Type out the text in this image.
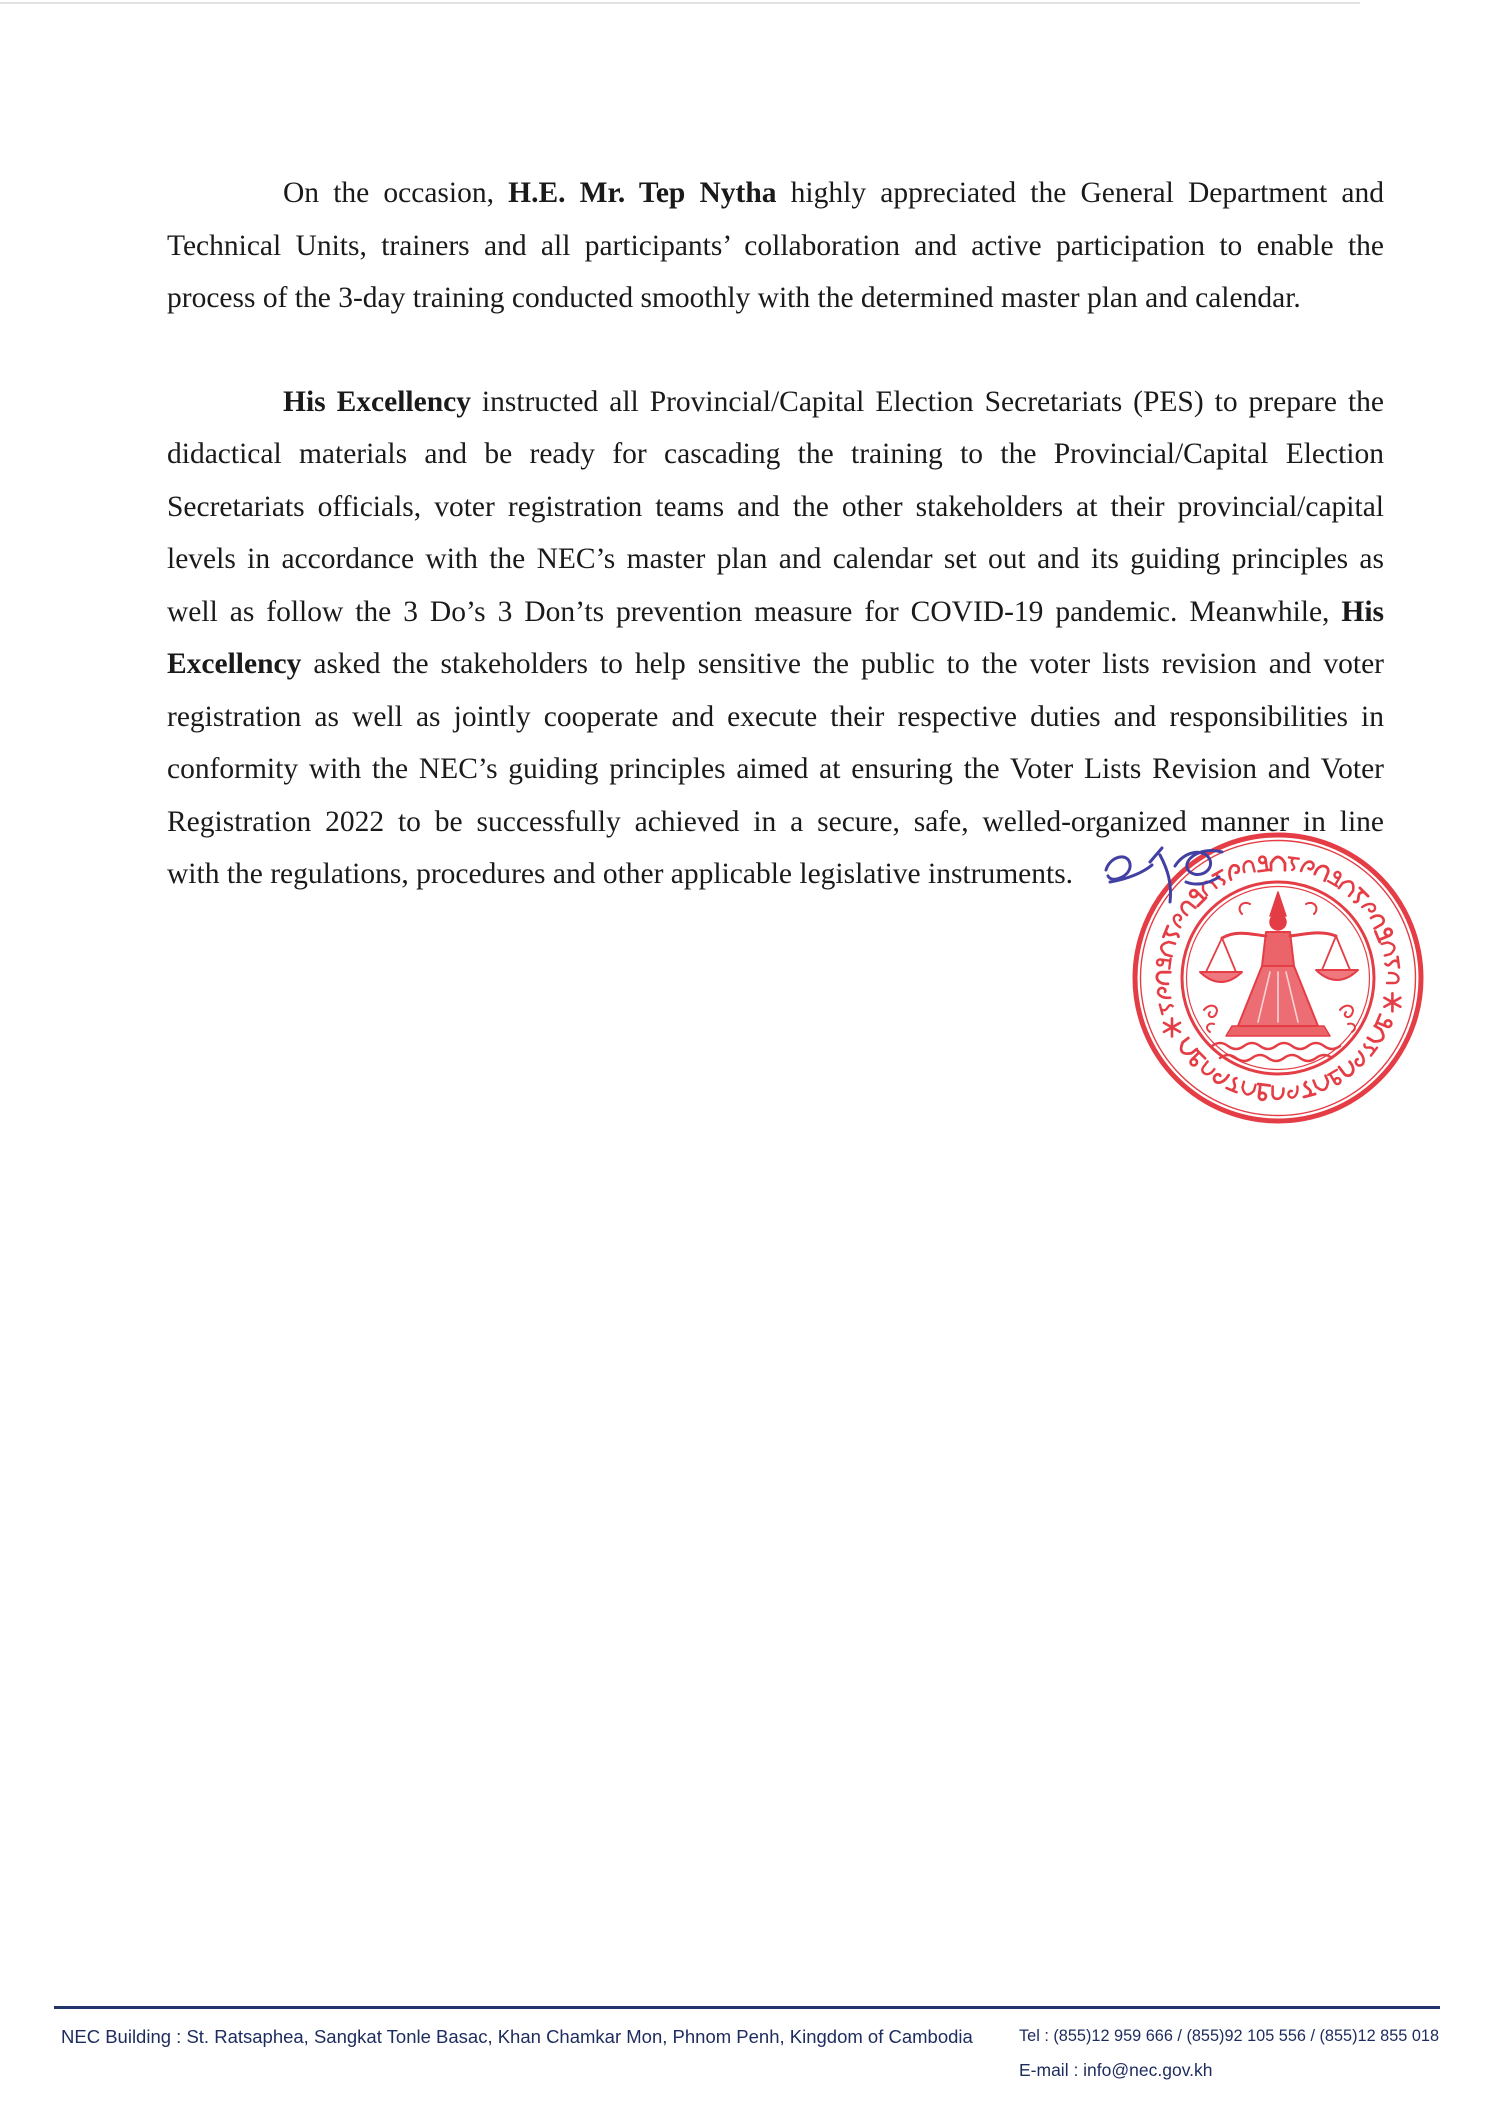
On the occasion, H.E. Mr. Tep Nytha highly appreciated the General Department and
Technical Units, trainers and all participants’ collaboration and active participation to enable the
process of the 3-day training conducted smoothly with the determined master plan and calendar.
His Excellency instructed all Provincial/Capital Election Secretariats (PES) to prepare the
didactical materials and be ready for cascading the training to the Provincial/Capital Election
Secretariats officials, voter registration teams and the other stakeholders at their provincial/capital
levels in accordance with the NEC’s master plan and calendar set out and its guiding principles as
well as follow the 3 Do’s 3 Don’ts prevention measure for COVID-19 pandemic. Meanwhile, His
Excellency asked the stakeholders to help sensitive the public to the voter lists revision and voter
registration as well as jointly cooperate and execute their respective duties and responsibilities in
conformity with the NEC’s guiding principles aimed at ensuring the Voter Lists Revision and Voter
Registration 2022 to be successfully achieved in a secure, safe, welled-organized manner in line
with the regulations, procedures and other applicable legislative instruments.
NEC Building : St. Ratsaphea, Sangkat Tonle Basac, Khan Chamkar Mon, Phnom Penh, Kingdom of Cambodia	Tel : (855)12 959 666 / (855)92 105 556 / (855)12 855 018
E-mail : info@nec.gov.kh
